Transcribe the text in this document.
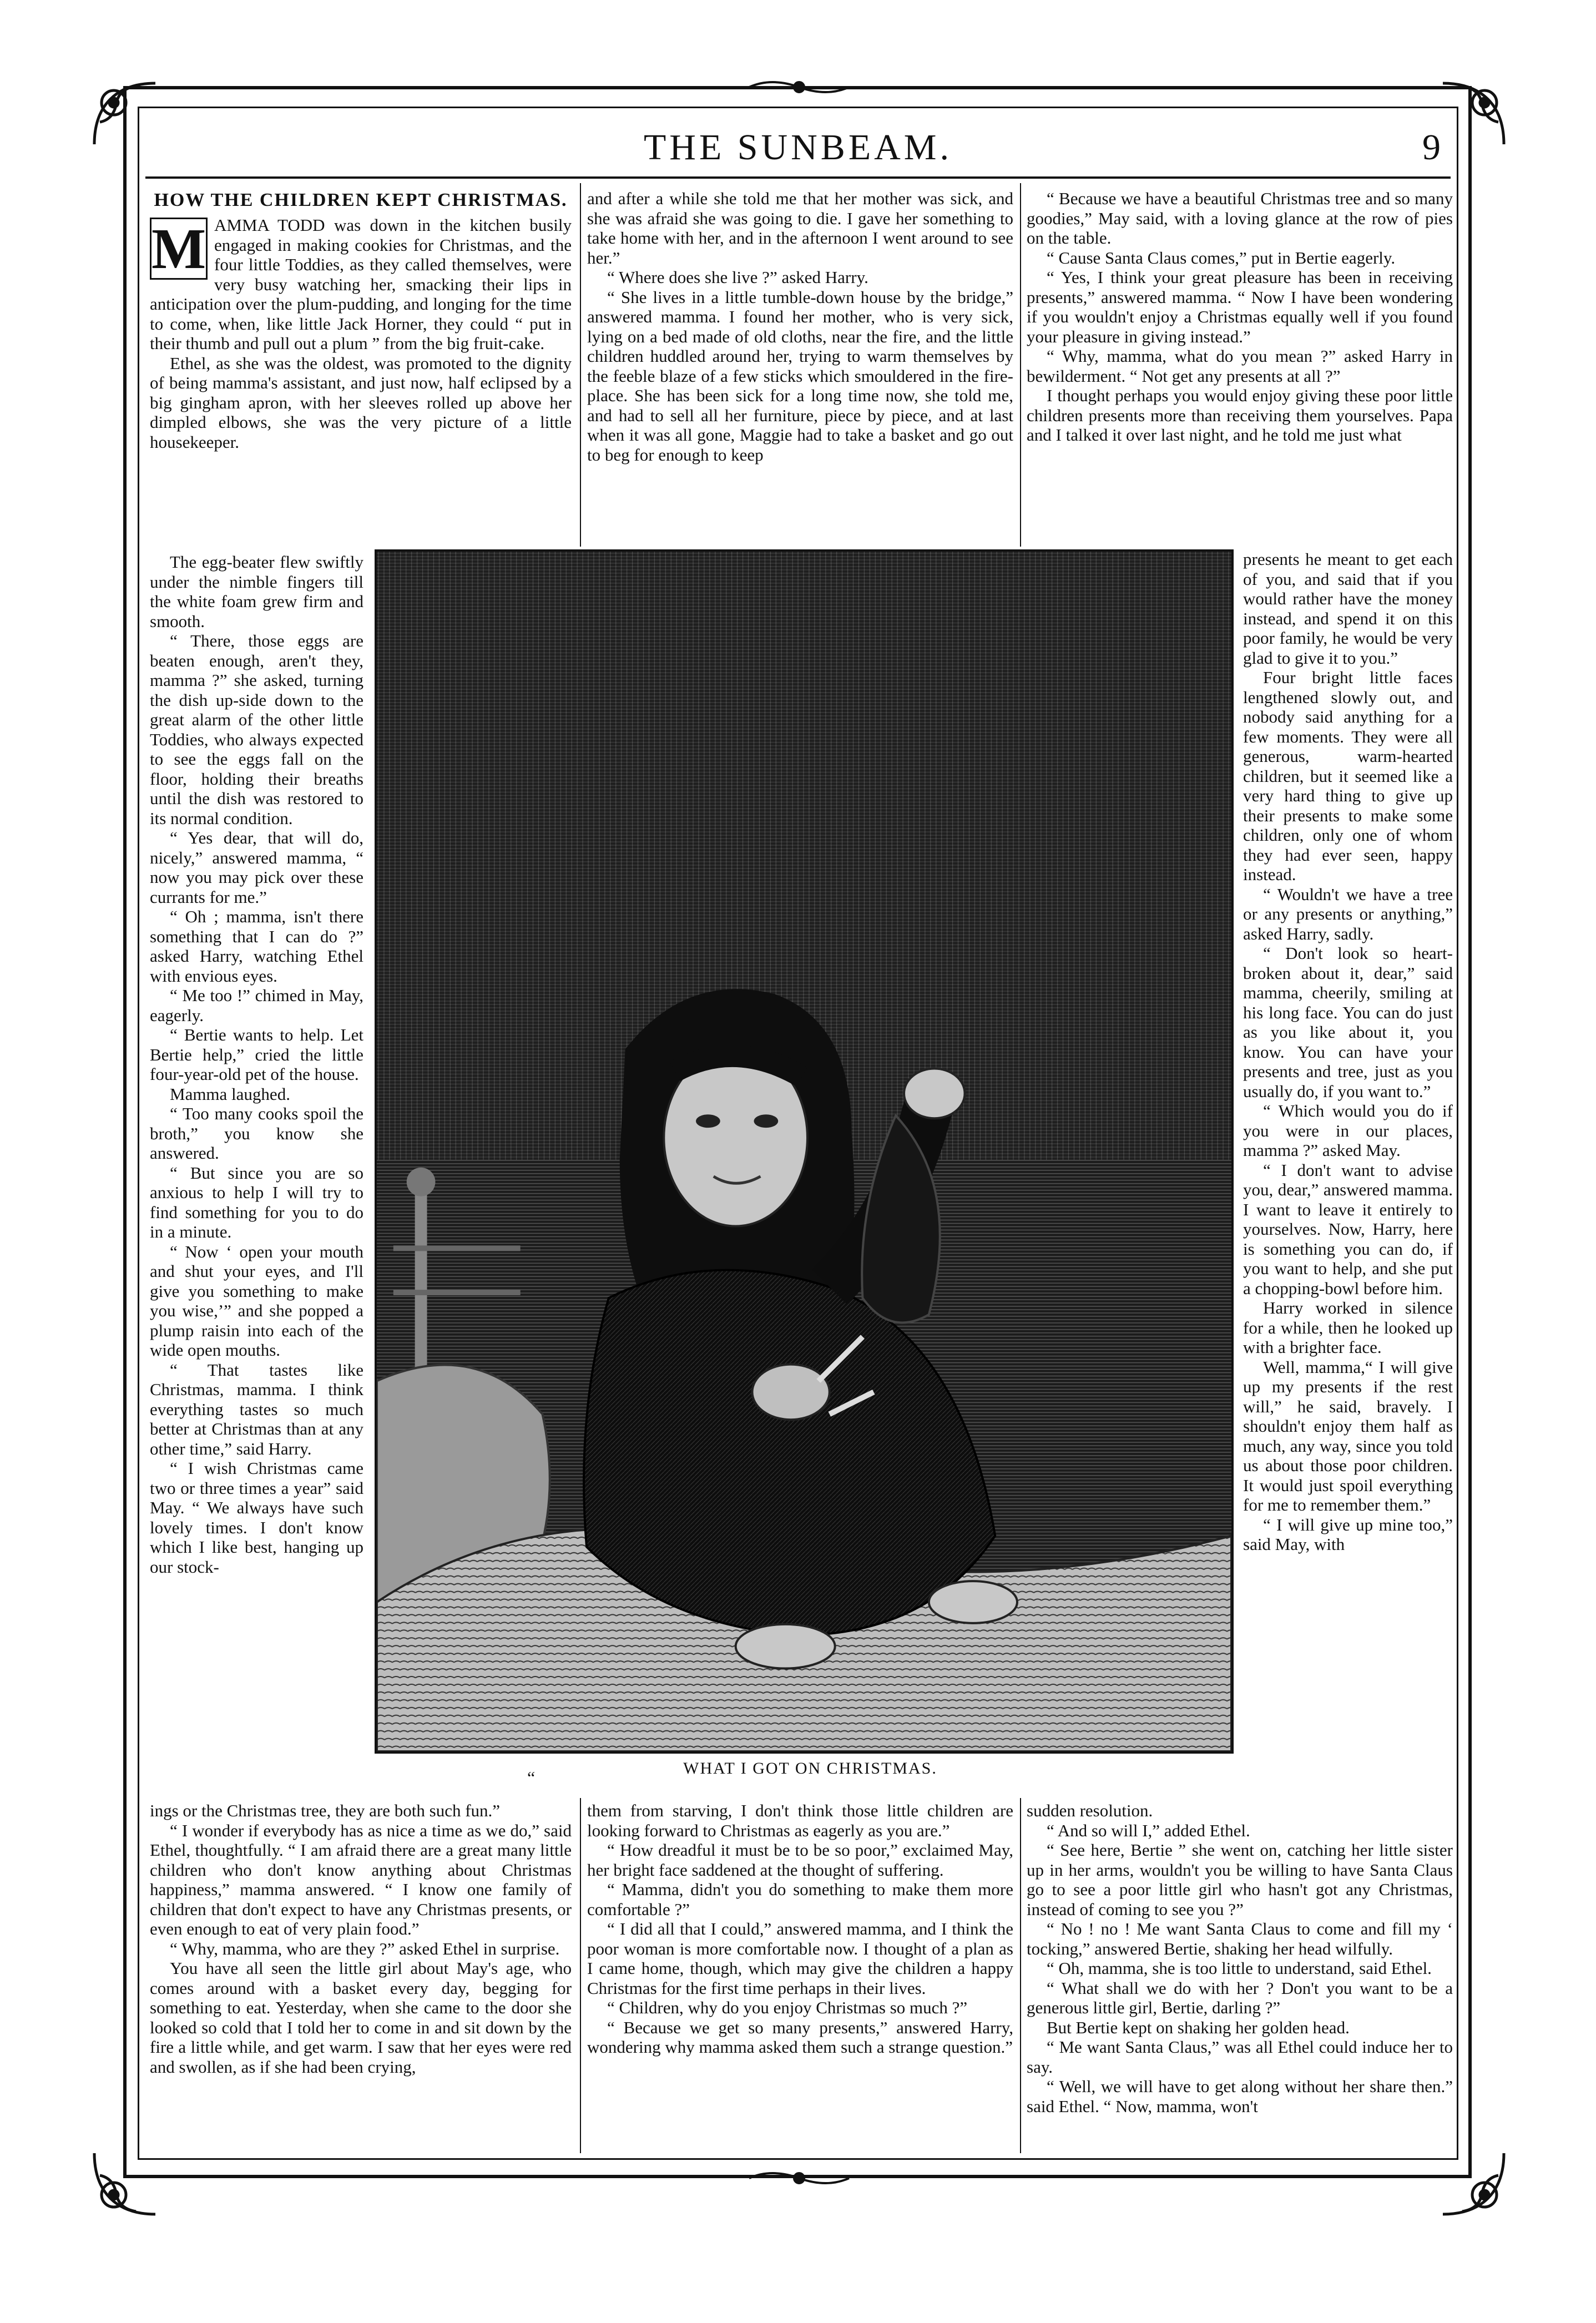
THE SUNBEAM.	9
HOW THE CHILDREN KEPT CHRISTMAS.
M AMMA TODD was down in the kitchen busily engaged in making cookies for Christmas, and the four little Toddies, as they called themselves, were very busy watching her, smacking their lips in anticipation over the plum-pudding, and longing for the time to come, when, like little Jack Horner, they could “ put in their thumb and pull out a plum ” from the big fruit-cake.

Ethel, as she was the oldest, was promoted to the dignity of being mamma's assistant, and just now, half eclipsed by a big gingham apron, with her sleeves rolled up above her dimpled elbows, she was the very picture of a little housekeeper.

The egg-beater flew swiftly under the nimble fingers till the white foam grew firm and smooth.

“ There, those eggs are beaten enough, aren't they, mamma ?” she asked, turning the dish up-side down to the great alarm of the other little Toddies, who always expected to see the eggs fall on the floor, holding their breaths until the dish was restored to its normal condition.

“ Yes dear, that will do, nicely,” answered mamma, “ now you may pick over these currants for me.”

“ Oh ; mamma, isn't there something that I can do ?” asked Harry, watching Ethel with envious eyes.

“ Me too !” chimed in May, eagerly.

“ Bertie wants to help. Let Bertie help,” cried the little four-year-old pet of the house.

Mamma laughed.

“ Too many cooks spoil the broth,” you know she answered.

“ But since you are so anxious to help I will try to find something for you to do in a minute.

“ Now ‘ open your mouth and shut your eyes, and I'll give you something to make you wise,’” and she popped a plump raisin into each of the wide open mouths.

“ That tastes like Christmas, mamma. I think everything tastes so much better at Christmas than at any other time,” said Harry.

“ I wish Christmas came two or three times a year” said May. “ We always have such lovely times. I don't know which I like best, hanging up our stock-

ings or the Christmas tree, they are both such fun.”

“ I wonder if everybody has as nice a time as we do,” said Ethel, thoughtfully. “ I am afraid there are a great many little children who don't know anything about Christmas happiness,” mamma answered. “ I know one family of children that don't expect to have any Christmas presents, or even enough to eat of very plain food.”

“ Why, mamma, who are they ?” asked Ethel in surprise.

You have all seen the little girl about May's age, who comes around with a basket every day, begging for something to eat. Yesterday, when she came to the door she looked so cold that I told her to come in and sit down by the fire a little while, and get warm. I saw that her eyes were red and swollen, as if she had been crying,

and after a while she told me that her mother was sick, and she was afraid she was going to die. I gave her something to take home with her, and in the afternoon I went around to see her.”

“ Where does she live ?” asked Harry.

“ She lives in a little tumble-down house by the bridge,” answered mamma. I found her mother, who is very sick, lying on a bed made of old cloths, near the fire, and the little children huddled around her, trying to warm themselves by the feeble blaze of a few sticks which smouldered in the fire-place. She has been sick for a long time now, she told me, and had to sell all her furniture, piece by piece, and at last when it was all gone, Maggie had to take a basket and go out to beg for enough to keep

them from starving, I don't think those little children are looking forward to Christmas as eagerly as you are.”

“ How dreadful it must be to be so poor,” exclaimed May, her bright face saddened at the thought of suffering.

“ Mamma, didn't you do something to make them more comfortable ?”

“ I did all that I could,” answered mamma, and I think the poor woman is more comfortable now. I thought of a plan as I came home, though, which may give the children a happy Christmas for the first time perhaps in their lives.

“ Children, why do you enjoy Christmas so much ?”

“ Because we get so many presents,” answered Harry, wondering why mamma asked them such a strange question.”

“ Because we have a beautiful Christmas tree and so many goodies,” May said, with a loving glance at the row of pies on the table.

“ Cause Santa Claus comes,” put in Bertie eagerly.

“ Yes, I think your great pleasure has been in receiving presents,” answered mamma. “ Now I have been wondering if you wouldn't enjoy a Christmas equally well if you found your pleasure in giving instead.”

“ Why, mamma, what do you mean ?” asked Harry in bewilderment. “ Not get any presents at all ?”

I thought perhaps you would enjoy giving these poor little children presents more than receiving them yourselves. Papa and I talked it over last night, and he told me just what

presents he meant to get each of you, and said that if you would rather have the money instead, and spend it on this poor family, he would be very glad to give it to you.”

Four bright little faces lengthened slowly out, and nobody said anything for a few moments. They were all generous, warm-hearted children, but it seemed like a very hard thing to give up their presents to make some children, only one of whom they had ever seen, happy instead.

“ Wouldn't we have a tree or any presents or anything,” asked Harry, sadly.

“ Don't look so heart-broken about it, dear,” said mamma, cheerily, smiling at his long face. You can do just as you like about it, you know. You can have your presents and tree, just as you usually do, if you want to.”

“ Which would you do if you were in our places, mamma ?” asked May.

“ I don't want to advise you, dear,” answered mamma. I want to leave it entirely to yourselves. Now, Harry, here is something you can do, if you want to help, and she put a chopping-bowl before him.

Harry worked in silence for a while, then he looked up with a brighter face.

Well, mamma,“ I will give up my presents if the rest will,” he said, bravely. I shouldn't enjoy them half as much, any way, since you told us about those poor children. It would just spoil everything for me to remember them.”

“ I will give up mine too,” said May, with

sudden resolution.

“ And so will I,” added Ethel.

“ See here, Bertie ” she went on, catching her little sister up in her arms, wouldn't you be willing to have Santa Claus go to see a poor little girl who hasn't got any Christmas, instead of coming to see you ?”

“ No ! no ! Me want Santa Claus to come and fill my ‘ tocking,” answered Bertie, shaking her head wilfully.

“ Oh, mamma, she is too little to understand, said Ethel.

“ What shall we do with her ? Don't you want to be a generous little girl, Bertie, darling ?”

But Bertie kept on shaking her golden head.

“ Me want Santa Claus,” was all Ethel could induce her to say.

“ Well, we will have to get along without her share then.” said Ethel. “ Now, mamma, won't

WHAT I GOT ON CHRISTMAS.
“
